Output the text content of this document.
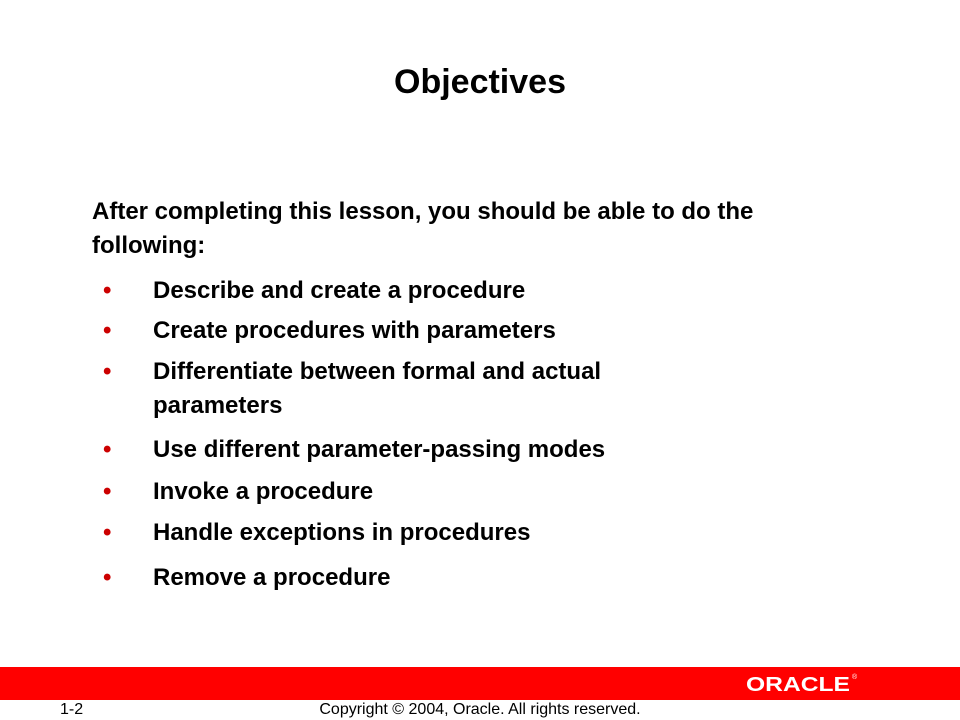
Objectives
After completing this lesson, you should be able to do the following:
• Describe and create a procedure
• Create procedures with parameters
• Differentiate between formal and actual parameters
• Use different parameter-passing modes
• Invoke a procedure
• Handle exceptions in procedures
• Remove a procedure
ORACLE ®
1-2	Copyright © 2004, Oracle. All rights reserved.
